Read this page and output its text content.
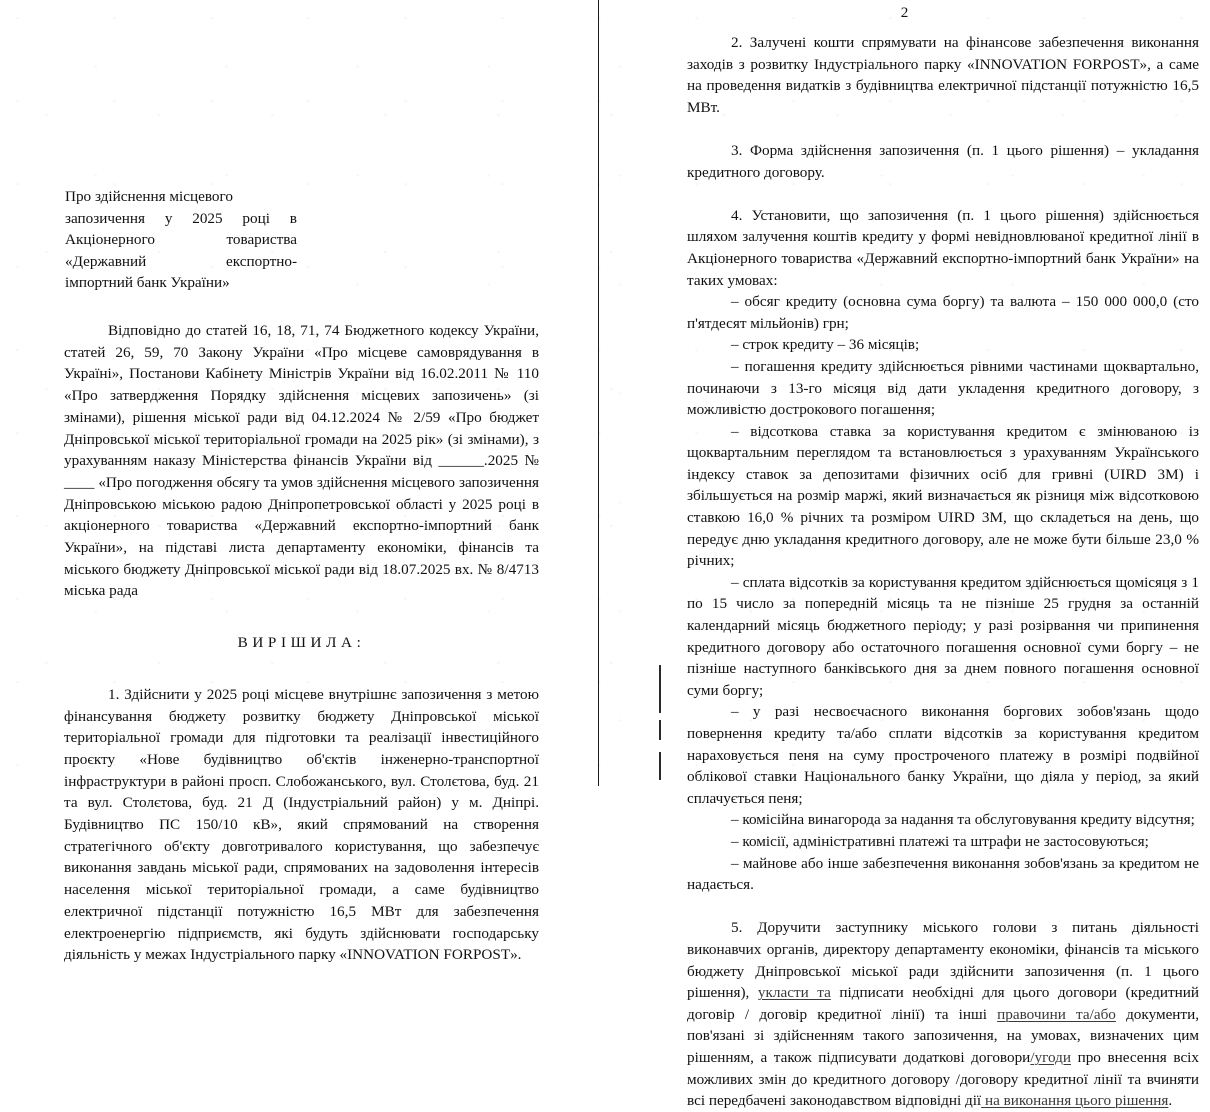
Про здійснення місцевого
запозичення у 2025 році в
Акціонерного	товариства
«Державний	експортно-
імпортний банк України»

Відповідно до статей 16, 18, 71, 74 Бюджетного кодексу України, статей 26, 59, 70 Закону України «Про місцеве самоврядування в Україні», Постанови Кабінету Міністрів України від 16.02.2011 № 110 «Про затвердження Порядку здійснення місцевих запозичень» (зі змінами), рішення міської ради від 04.12.2024 № 2/59 «Про бюджет Дніпровської міської територіальної громади на 2025 рік» (зі змінами), з урахуванням наказу Міністерства фінансів України від ______.2025 № ____ «Про погодження обсягу та умов здійснення місцевого запозичення Дніпровською міською радою Дніпропетровської області у 2025 році в акціонерного товариства «Державний експортно-імпортний банк України», на підставі листа департаменту економіки, фінансів та міського бюджету Дніпровської міської ради від 18.07.2025 вх. № 8/4713 міська рада

ВИРІШИЛА:

1. Здійснити у 2025 році місцеве внутрішнє запозичення з метою фінансування бюджету розвитку бюджету Дніпровської міської територіальної громади для підготовки та реалізації інвестиційного проєкту «Нове будівництво об'єктів інженерно-транспортної інфраструктури в районі просп. Слобожанського, вул. Столєтова, буд. 21 та вул. Столєтова, буд. 21 Д (Індустріальний район) у м. Дніпрі. Будівництво ПС 150/10 кВ», який спрямований на створення стратегічного об'єкту довготривалого користування, що забезпечує виконання завдань міської ради, спрямованих на задоволення інтересів населення міської територіальної громади, а саме будівництво електричної підстанції потужністю 16,5 МВт для забезпечення електроенергію підприємств, які будуть здійснювати господарську діяльність у межах Індустріального парку «INNOVATION FORPOST».

2

2. Залучені кошти спрямувати на фінансове забезпечення виконання заходів з розвитку Індустріального парку «INNOVATION FORPOST», а саме на проведення видатків з будівництва електричної підстанції потужністю 16,5 МВт.

3. Форма здійснення запозичення (п. 1 цього рішення) – укладання кредитного договору.

4. Установити, що запозичення (п. 1 цього рішення) здійснюється шляхом залучення коштів кредиту у формі невідновлюваної кредитної лінії в Акціонерного товариства «Державний експортно-імпортний банк України» на таких умовах:

– обсяг кредиту (основна сума боргу) та валюта – 150 000 000,0 (сто п'ятдесят мільйонів) грн;

– строк кредиту – 36 місяців;

– погашення кредиту здійснюється рівними частинами щоквартально, починаючи з 13-го місяця від дати укладення кредитного договору, з можливістю дострокового погашення;

– відсоткова ставка за користування кредитом є змінюваною із щоквартальним переглядом та встановлюється з урахуванням Українського індексу ставок за депозитами фізичних осіб для гривні (UIRD 3M) і збільшується на розмір маржі, який визначається як різниця між відсотковою ставкою 16,0 % річних та розміром UIRD 3M, що складеться на день, що передує дню укладання кредитного договору, але не може бути більше 23,0 % річних;

– сплата відсотків за користування кредитом здійснюється щомісяця з 1 по 15 число за попередній місяць та не пізніше 25 грудня за останній календарний місяць бюджетного періоду; у разі розірвання чи припинення кредитного договору або остаточного погашення основної суми боргу – не пізніше наступного банківського дня за днем повного погашення основної суми боргу;

– у разі несвоєчасного виконання боргових зобов'язань щодо повернення кредиту та/або сплати відсотків за користування кредитом нараховується пеня на суму простроченого платежу в розмірі подвійної облікової ставки Національного банку України, що діяла у період, за який сплачується пеня;

– комісійна винагорода за надання та обслуговування кредиту відсутня;

– комісії, адміністративні платежі та штрафи не застосовуються;

– майнове або інше забезпечення виконання зобов'язань за кредитом не надається.

5. Доручити заступнику міського голови з питань діяльності виконавчих органів, директору департаменту економіки, фінансів та міського бюджету Дніпровської міської ради здійснити запозичення (п. 1 цього рішення), укласти та підписати необхідні для цього договори (кредитний договір / договір кредитної лінії) та інші правочини та/або документи, пов'язані зі здійсненням такого запозичення, на умовах, визначених цим рішенням, а також підписувати додаткові договори/угоди про внесення всіх можливих змін до кредитного договору /договору кредитної лінії та вчиняти всі передбачені законодавством відповідні дії на виконання цього рішення.
